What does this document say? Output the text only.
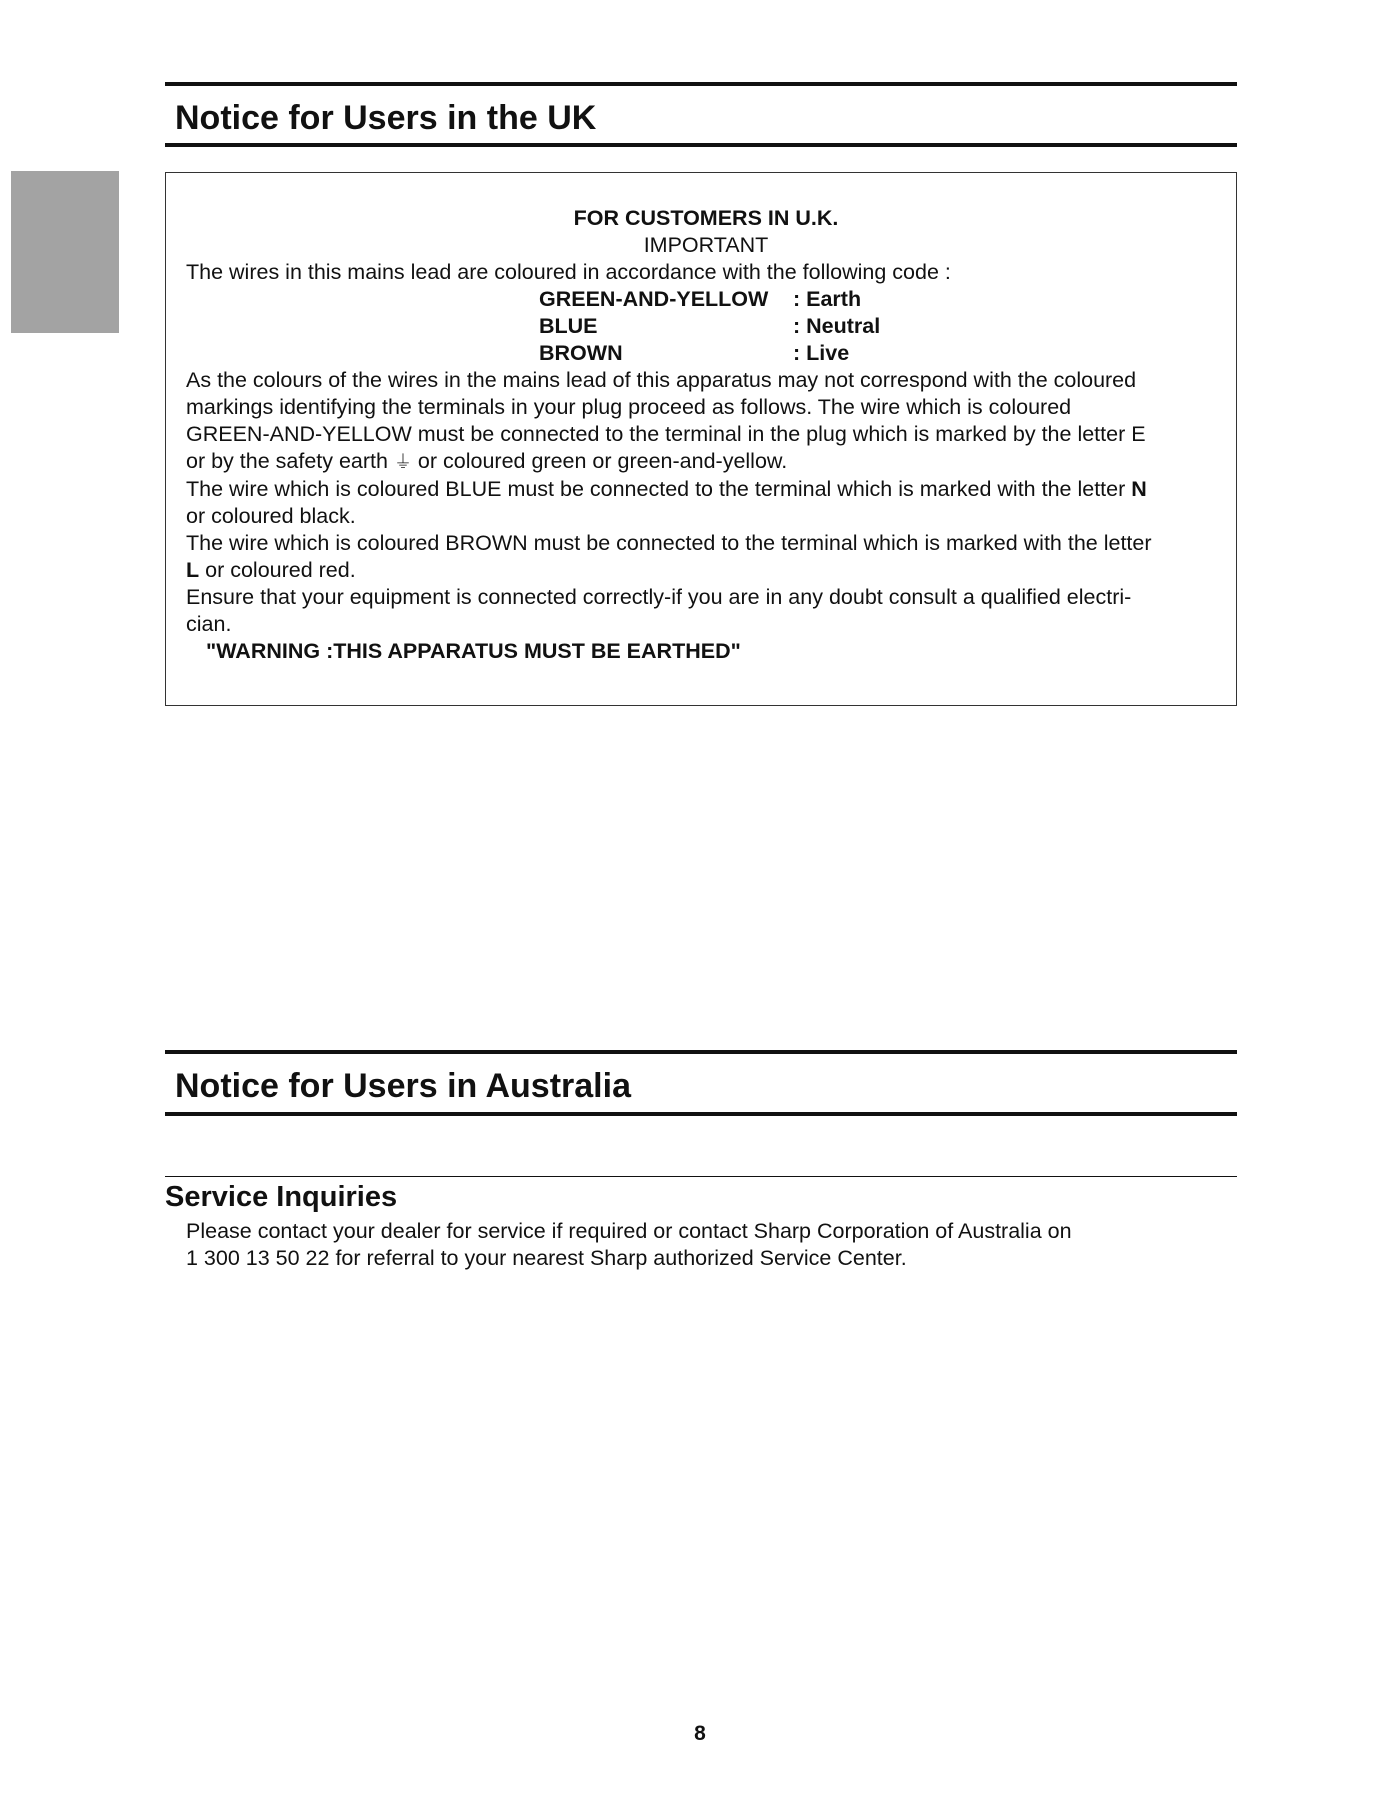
Notice for Users in the UK
FOR CUSTOMERS IN U.K.
IMPORTANT
The wires in this mains lead are coloured in accordance with the following code :
GREEN-AND-YELLOW : Earth
BLUE	: Neutral
BROWN	: Live
As the colours of the wires in the mains lead of this apparatus may not correspond with the coloured
markings identifying the terminals in your plug proceed as follows. The wire which is coloured
GREEN-AND-YELLOW must be connected to the terminal in the plug which is marked by the letter E
or by the safety earth ⏚ or coloured green or green-and-yellow.
The wire which is coloured BLUE must be connected to the terminal which is marked with the letter N
or coloured black.
The wire which is coloured BROWN must be connected to the terminal which is marked with the letter
L or coloured red.
Ensure that your equipment is connected correctly-if you are in any doubt consult a qualified electri-
cian.
"WARNING :THIS APPARATUS MUST BE EARTHED"
Notice for Users in Australia
Service Inquiries
Please contact your dealer for service if required or contact Sharp Corporation of Australia on
1 300 13 50 22 for referral to your nearest Sharp authorized Service Center.
8
